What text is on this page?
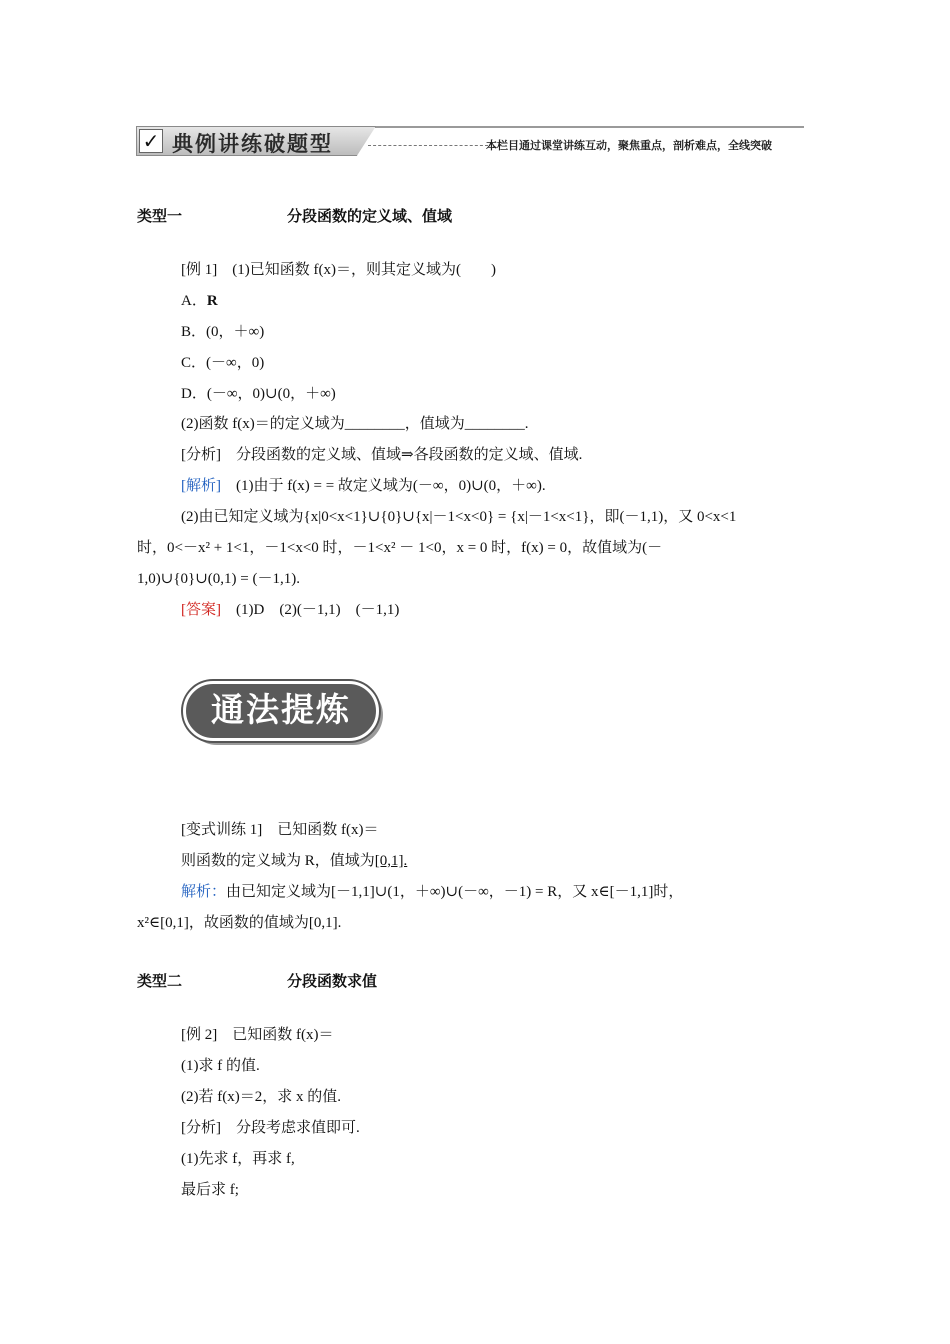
✓ 典例讲练破题型	本栏目通过课堂讲练互动，聚焦重点，剖析难点，全线突破
类型一	分段函数的定义域、值域
[例 1]　(1)已知函数 f(x)＝，则其定义域为(　　)
A．R
B．(0，＋∞)
C．(－∞，0)
D．(－∞，0)∪(0，＋∞)
(2)函数 f(x)＝的定义域为________，值域为________.
[分析]　 分段函数的定义域、值域⇒各段函数的定义域、值域.
[解析]　 (1)由于 f(x) = = 故定义域为(－∞，0)∪(0，＋∞).
(2)由已知定义域为{x|0<x<1}∪{0}∪{x|－1<x<0} = {x|－1<x<1}，即(－1,1)，又 0<x<1
时，0<－x² + 1<1，－1<x<0 时，－1<x² － 1<0，x = 0 时，f(x) = 0，故值域为(－
1,0)∪{0}∪(0,1) = (－1,1).
[答案]　 (1)D　(2)(－1,1)　(－1,1)
通法提炼
[变式训练 1]　已知函数 f(x)＝
则函数的定义域为 R，值域为[0,1].
解析：由已知定义域为[－1,1]∪(1，＋∞)∪(－∞，－1) = R，又 x∈[－1,1]时，
x²∈[0,1]，故函数的值域为[0,1].
类型二	分段函数求值
[例 2]　已知函数 f(x)＝
(1)求 f 的值.
(2)若 f(x)＝2，求 x 的值.
[分析]　 分段考虑求值即可.
(1)先求 f，再求 f,
最后求 f;
